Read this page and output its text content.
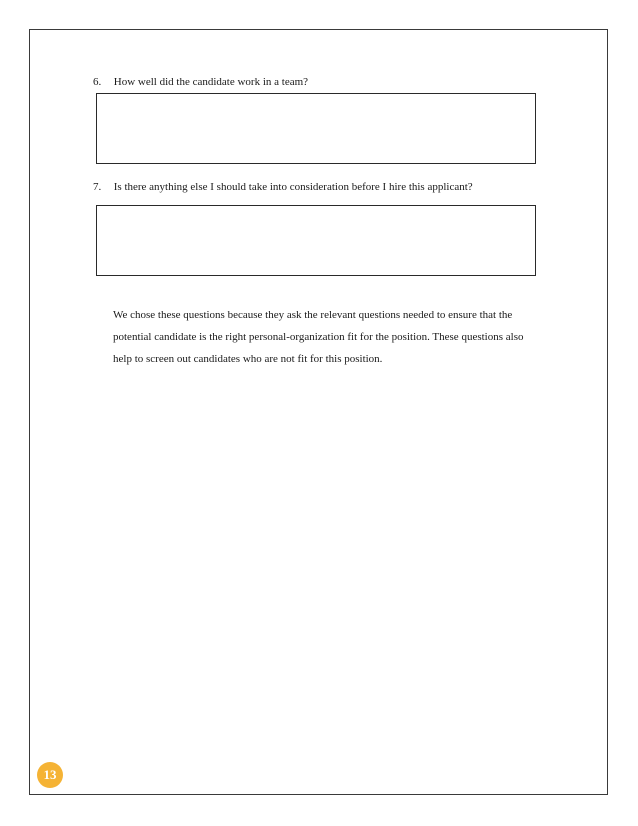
6. How well did the candidate work in a team?
7. Is there anything else I should take into consideration before I hire this applicant?

We chose these questions because they ask the relevant questions needed to ensure that the

potential candidate is the right personal-organization fit for the position. These questions also

help to screen out candidates who are not fit for this position.

13
